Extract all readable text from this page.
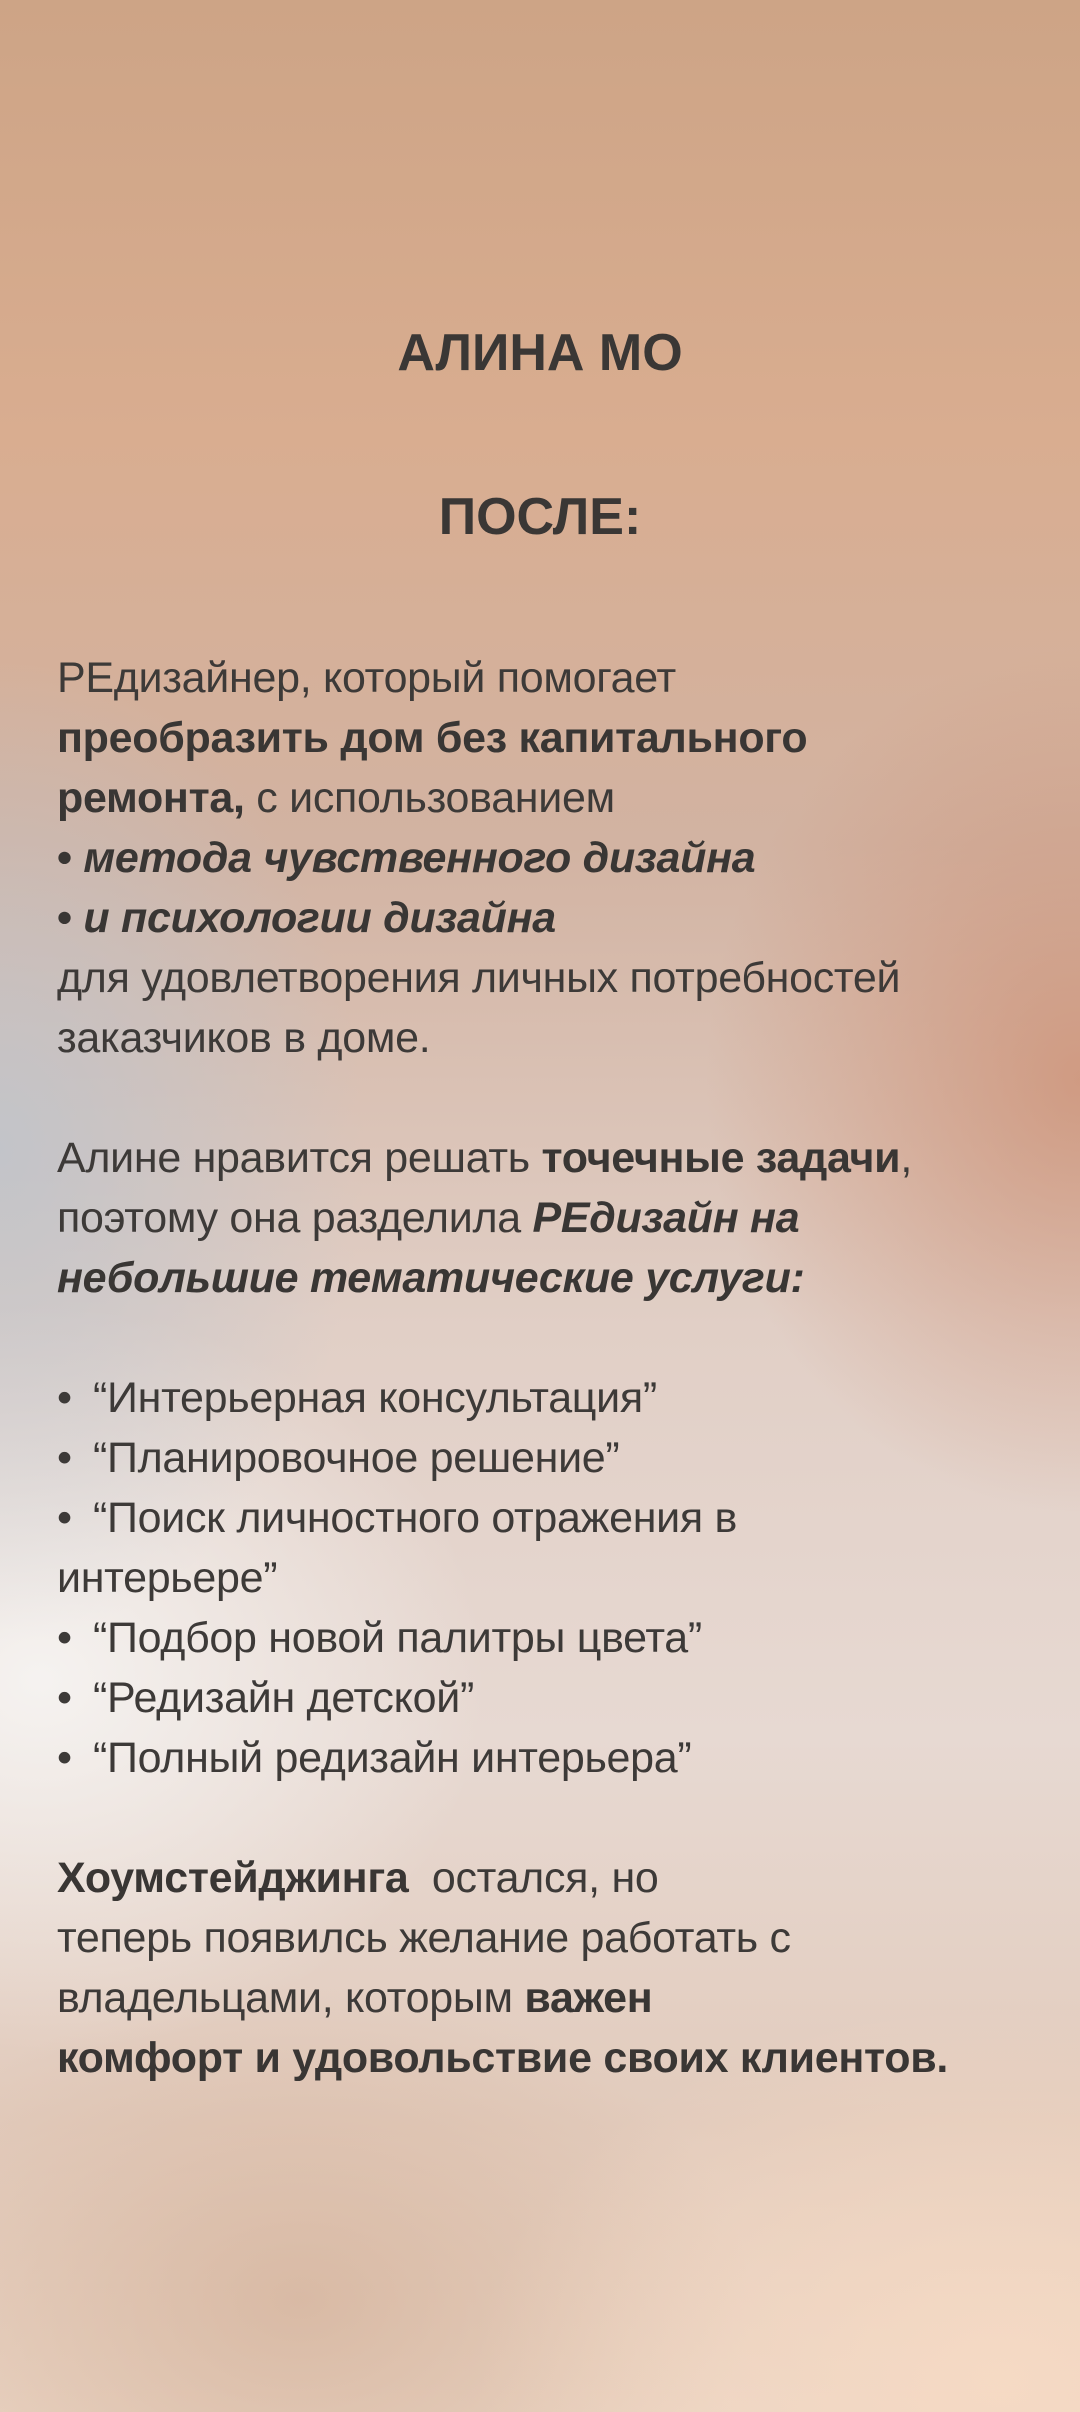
АЛИНА МО
ПОСЛЕ:
РЕдизайнер, который помогает
преобразить дом без капитального
ремонта, с использованием
• метода чувственного дизайна
• и психологии дизайна
для удовлетворения личных потребностей
заказчиков в доме.
Алине нравится решать точечные задачи,
поэтому она разделила РЕдизайн на
небольшие тематические услуги:
• “Интерьерная консультация”
• “Планировочное решение”
• “Поиск личностного отражения в
интерьере”
• “Подбор новой палитры цвета”
• “Редизайн детской”
• “Полный редизайн интерьера”
Хоумстейджинга  остался, но
теперь появилсь желание работать с
владельцами, которым важен
комфорт и удовольствие своих клиентов.
